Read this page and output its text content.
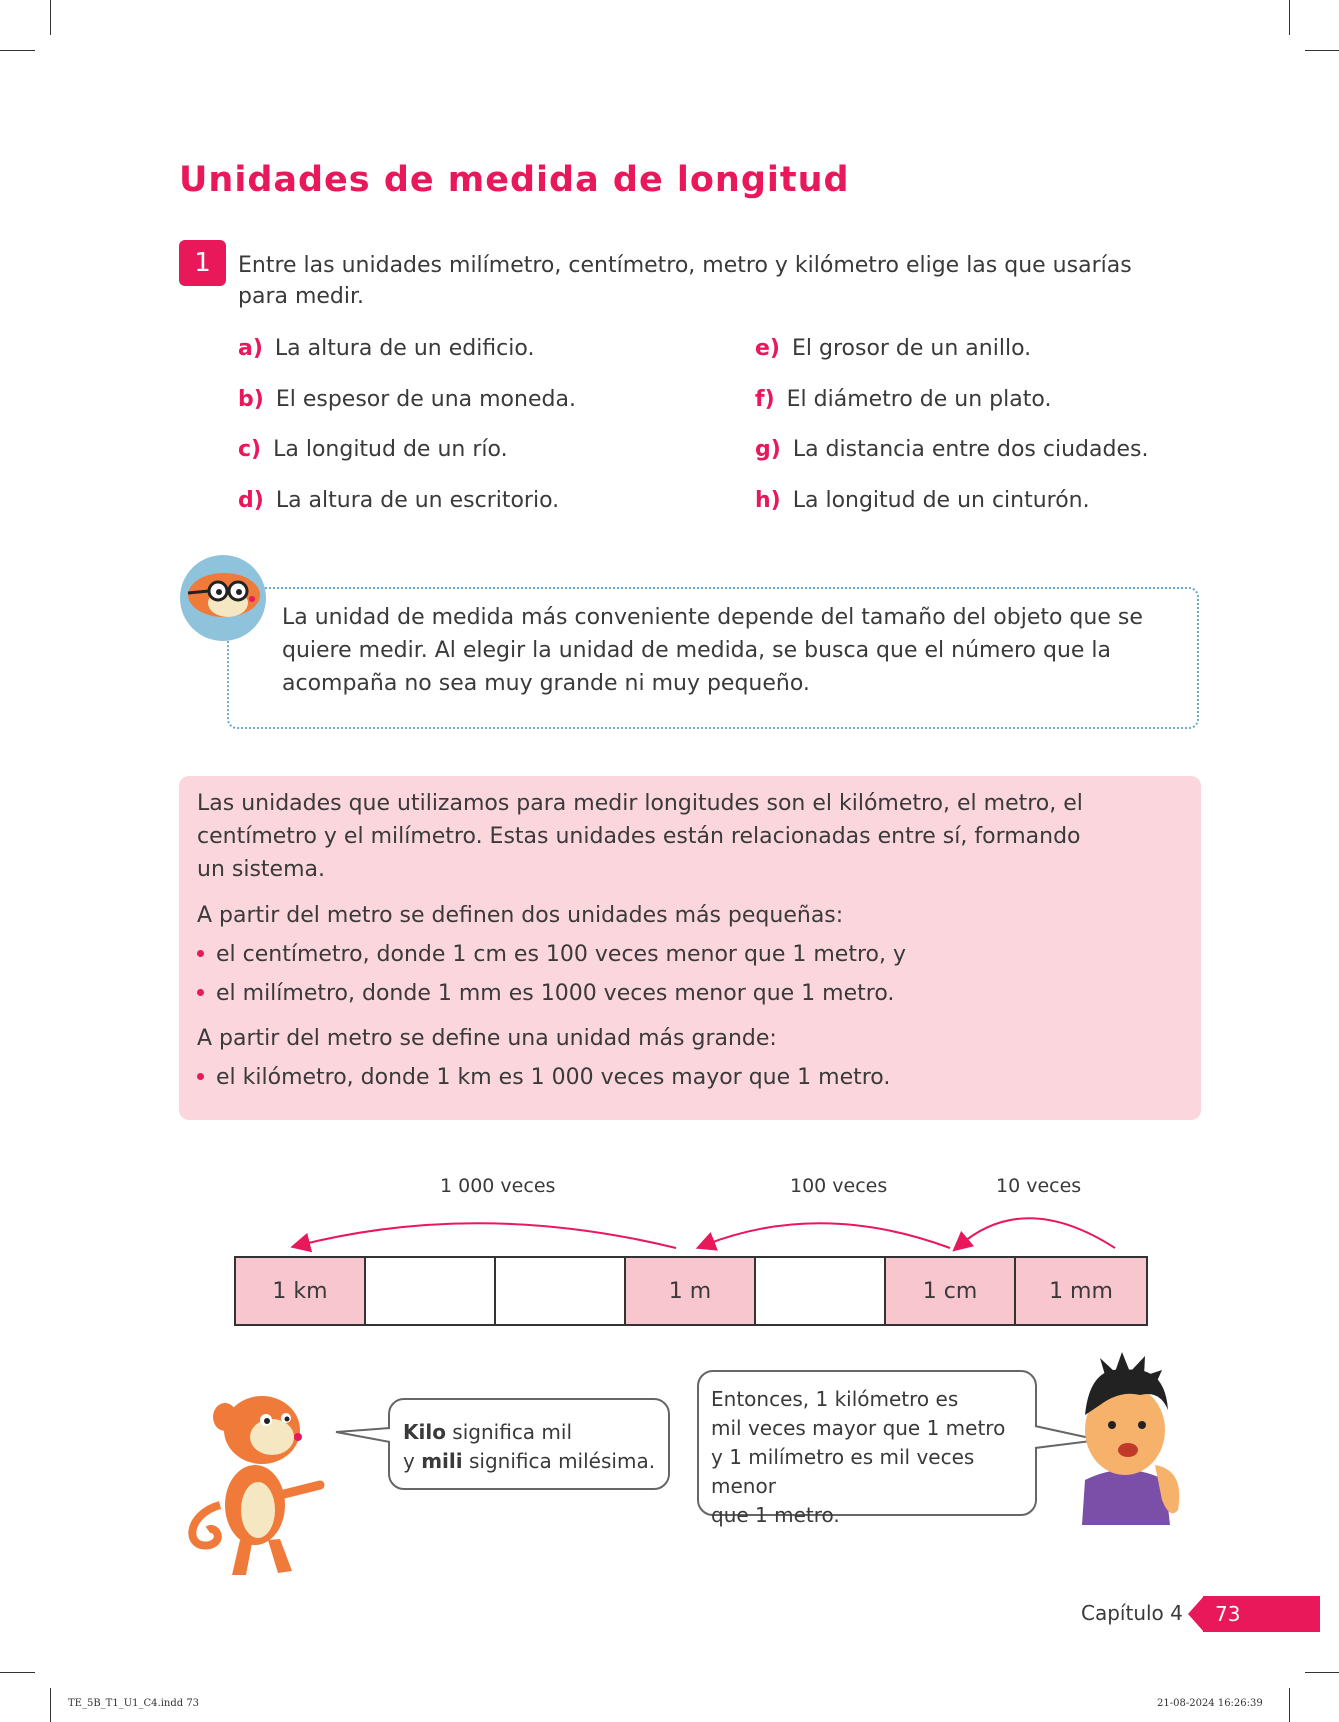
Unidades de medida de longitud
1	Entre las unidades milímetro, centímetro, metro y kilómetro elige las que usarías para medir.
a) La altura de un edificio.
b) El espesor de una moneda.
c) La longitud de un río.
d) La altura de un escritorio.
e) El grosor de un anillo.
f) El diámetro de un plato.
g) La distancia entre dos ciudades.
h) La longitud de un cinturón.
La unidad de medida más conveniente depende del tamaño del objeto que se quiere medir. Al elegir la unidad de medida, se busca que el número que la acompaña no sea muy grande ni muy pequeño.
Las unidades que utilizamos para medir longitudes son el kilómetro, el metro, el
centímetro y el milímetro. Estas unidades están relacionadas entre sí, formando
un sistema.
A partir del metro se definen dos unidades más pequeñas:
el centímetro, donde 1 cm es 100 veces menor que 1 metro, y
el milímetro, donde 1 mm es 1000 veces menor que 1 metro.
A partir del metro se define una unidad más grande:
el kilómetro, donde 1 km es 1 000 veces mayor que 1 metro.
1 000 veces	100 veces	10 veces
1 km	1 m	1 cm	1 mm
Kilo significa mil
y mili significa milésima.
Entonces, 1 kilómetro es
mil veces mayor que 1 metro
y 1 milímetro es mil veces menor
que 1 metro.
Capítulo 4	73
TE_5B_T1_U1_C4.indd 73	21-08-2024 16:26:39
